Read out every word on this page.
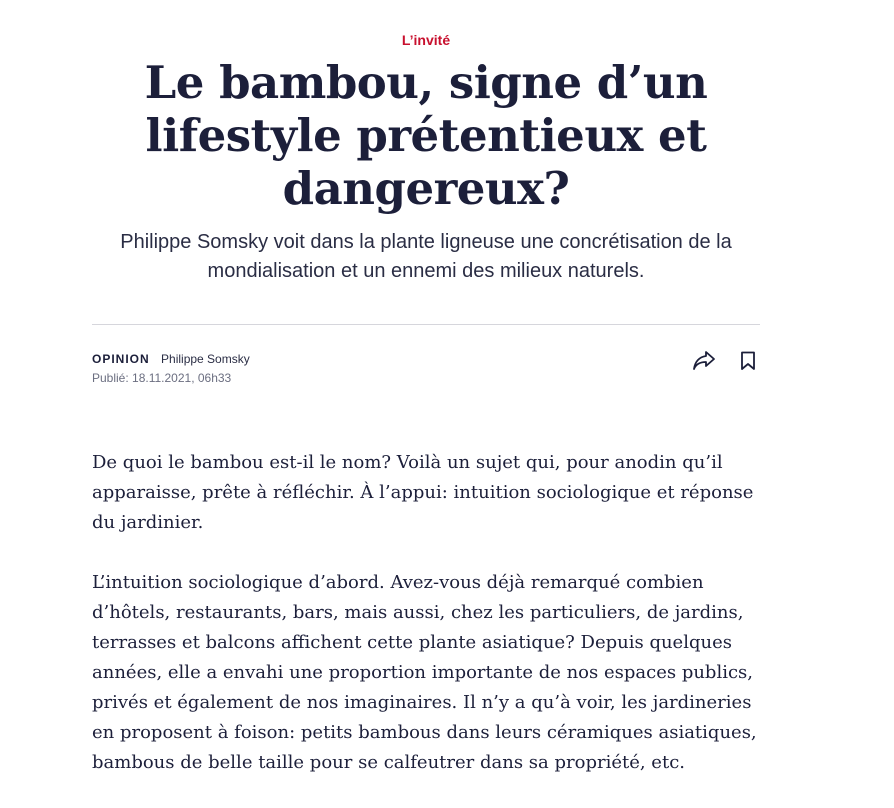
L’invité
Le bambou, signe d’un lifestyle prétentieux et dangereux?

Philippe Somsky voit dans la plante ligneuse une concrétisation de la mondialisation et un ennemi des milieux naturels.

OPINION Philippe Somsky
Publié: 18.11.2021, 06h33

De quoi le bambou est-il le nom? Voilà un sujet qui, pour anodin qu’il apparaisse, prête à réfléchir. À l’appui: intuition sociologique et réponse du jardinier.

L’intuition sociologique d’abord. Avez-vous déjà remarqué combien d’hôtels, restaurants, bars, mais aussi, chez les particuliers, de jardins, terrasses et balcons affichent cette plante asiatique? Depuis quelques années, elle a envahi une proportion importante de nos espaces publics, privés et également de nos imaginaires. Il n’y a qu’à voir, les jardineries en proposent à foison: petits bambous dans leurs céramiques asiatiques, bambous de belle taille pour se calfeutrer dans sa propriété, etc.
